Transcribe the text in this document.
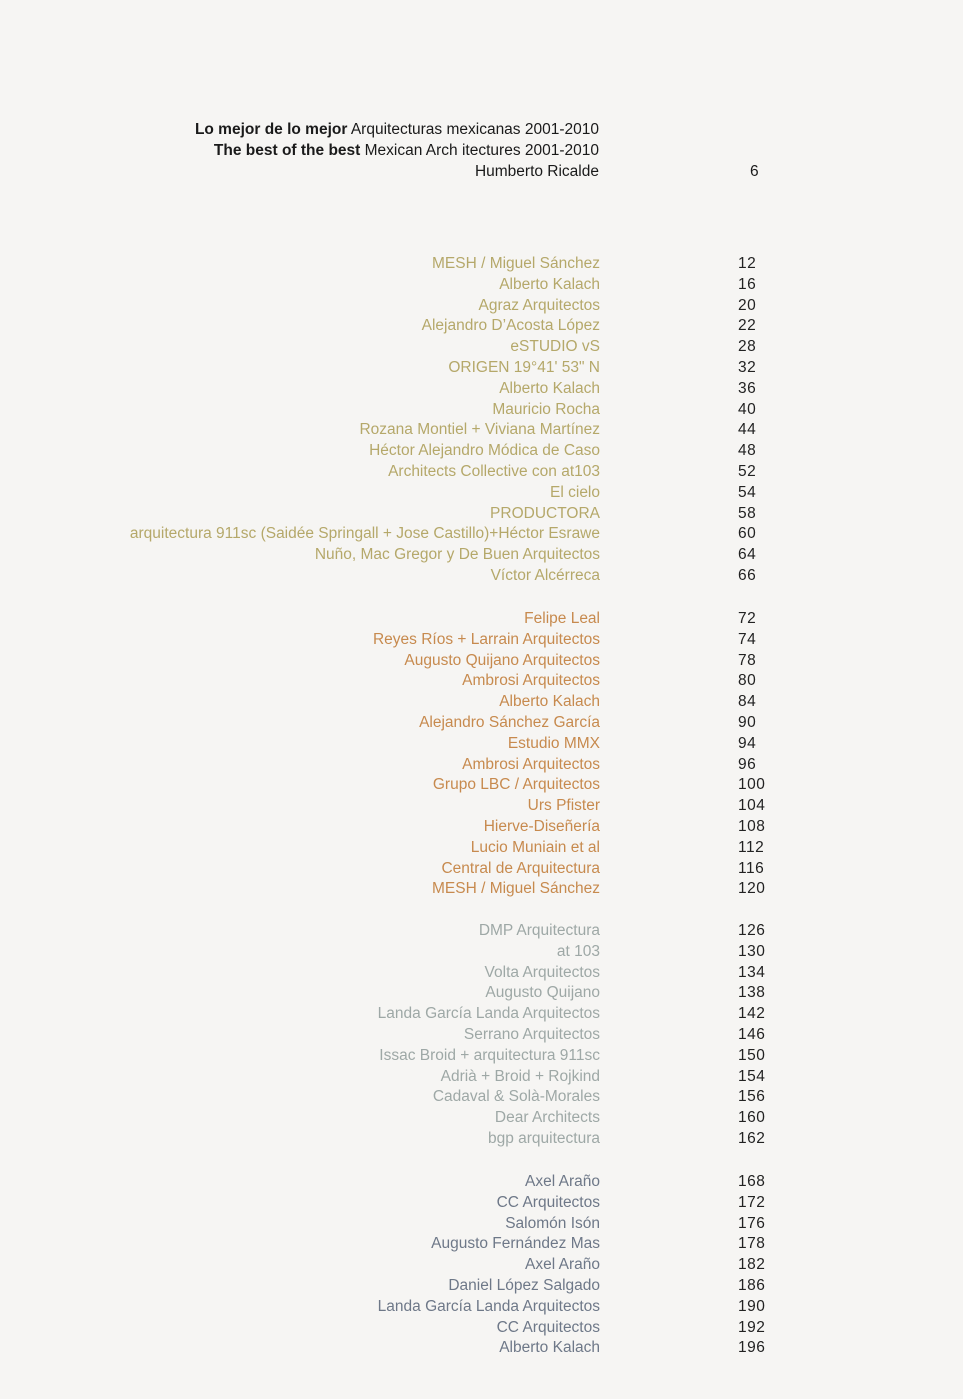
Lo mejor de lo mejor Arquitecturas mexicanas 2001-2010
The best of the best Mexican Arch itectures 2001-2010
Humberto Ricalde	6
MESH / Miguel Sánchez	12
Alberto Kalach	16
Agraz Arquitectos	20
Alejandro D’Acosta López	22
eSTUDIO vS	28
ORIGEN 19°41' 53" N	32
Alberto Kalach	36
Mauricio Rocha	40
Rozana Montiel + Viviana Martínez	44
Héctor Alejandro Módica de Caso	48
Architects Collective con at103	52
El cielo	54
PRODUCTORA	58
arquitectura 911sc (Saidée Springall + Jose Castillo)+Héctor Esrawe	60
Nuño, Mac Gregor y De Buen Arquitectos	64
Víctor Alcérreca	66
Felipe Leal	72
Reyes Ríos + Larrain Arquitectos	74
Augusto Quijano Arquitectos	78
Ambrosi Arquitectos	80
Alberto Kalach	84
Alejandro Sánchez García	90
Estudio MMX	94
Ambrosi Arquitectos	96
Grupo LBC / Arquitectos	100
Urs Pfister	104
Hierve-Diseñería	108
Lucio Muniain et al	112
Central de Arquitectura	116
MESH / Miguel Sánchez	120
DMP Arquitectura	126
at 103	130
Volta Arquitectos	134
Augusto Quijano	138
Landa García Landa Arquitectos	142
Serrano Arquitectos	146
Issac Broid + arquitectura 911sc	150
Adrià + Broid + Rojkind	154
Cadaval & Solà-Morales	156
Dear Architects	160
bgp arquitectura	162
Axel Araño	168
CC Arquitectos	172
Salomón Isón	176
Augusto Fernández Mas	178
Axel Araño	182
Daniel López Salgado	186
Landa García Landa Arquitectos	190
CC Arquitectos	192
Alberto Kalach	196
